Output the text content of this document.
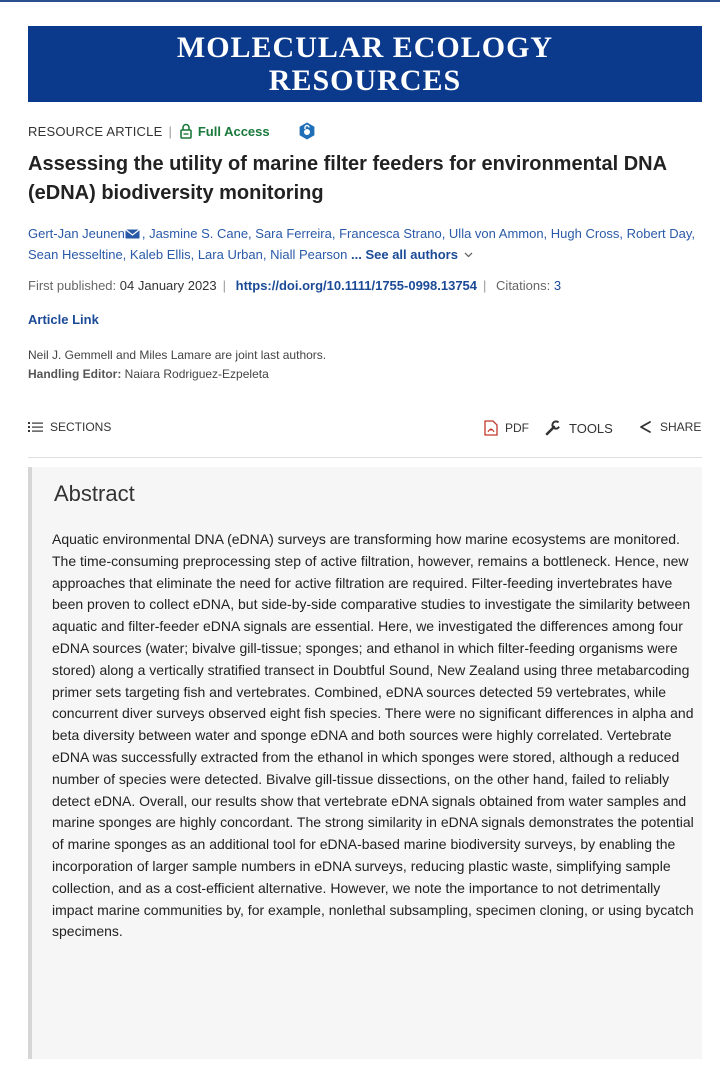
MOLECULAR ECOLOGY
RESOURCES
RESOURCE ARTICLE | Full Access
Assessing the utility of marine filter feeders for environmental DNA (eDNA) biodiversity monitoring
Gert-Jan Jeunen , Jasmine S. Cane, Sara Ferreira, Francesca Strano, Ulla von Ammon, Hugh Cross, Robert Day, Sean Hesseltine, Kaleb Ellis, Lara Urban, Niall Pearson ... See all authors
First published: 04 January 2023 | https://doi.org/10.1111/1755-0998.13754 | Citations: 3
Article Link
Neil J. Gemmell and Miles Lamare are joint last authors.
Handling Editor: Naiara Rodriguez-Ezpeleta
SECTIONS	PDF	TOOLS	SHARE
Abstract
Aquatic environmental DNA (eDNA) surveys are transforming how marine ecosystems are monitored. The time-consuming preprocessing step of active filtration, however, remains a bottleneck. Hence, new approaches that eliminate the need for active filtration are required. Filter-feeding invertebrates have been proven to collect eDNA, but side-by-side comparative studies to investigate the similarity between aquatic and filter-feeder eDNA signals are essential. Here, we investigated the differences among four eDNA sources (water; bivalve gill-tissue; sponges; and ethanol in which filter-feeding organisms were stored) along a vertically stratified transect in Doubtful Sound, New Zealand using three metabarcoding primer sets targeting fish and vertebrates. Combined, eDNA sources detected 59 vertebrates, while concurrent diver surveys observed eight fish species. There were no significant differences in alpha and beta diversity between water and sponge eDNA and both sources were highly correlated. Vertebrate eDNA was successfully extracted from the ethanol in which sponges were stored, although a reduced number of species were detected. Bivalve gill-tissue dissections, on the other hand, failed to reliably detect eDNA. Overall, our results show that vertebrate eDNA signals obtained from water samples and marine sponges are highly concordant. The strong similarity in eDNA signals demonstrates the potential of marine sponges as an additional tool for eDNA-based marine biodiversity surveys, by enabling the incorporation of larger sample numbers in eDNA surveys, reducing plastic waste, simplifying sample collection, and as a cost-efficient alternative. However, we note the importance to not detrimentally impact marine communities by, for example, nonlethal subsampling, specimen cloning, or using bycatch specimens.
